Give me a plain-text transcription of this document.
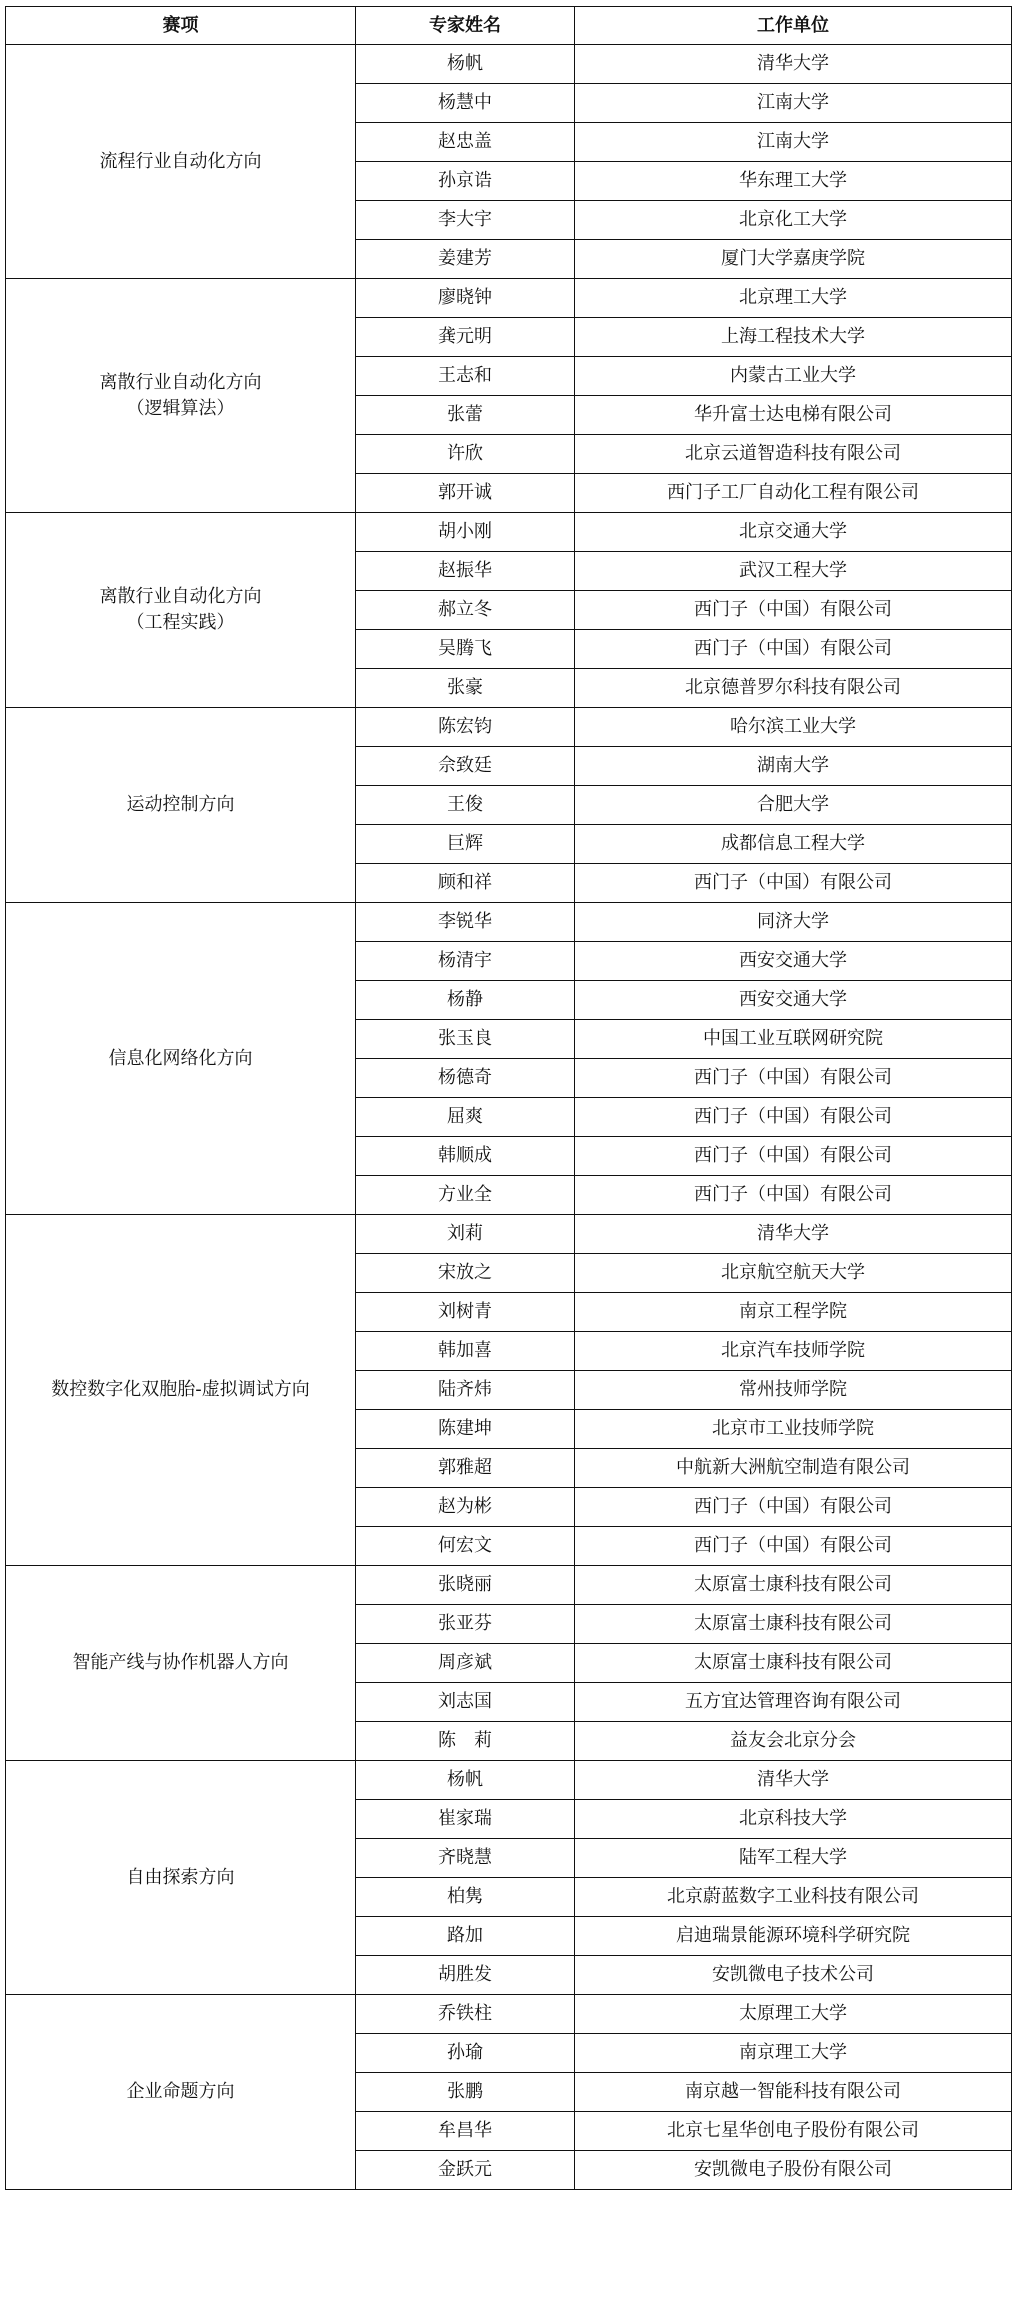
赛项	专家姓名	工作单位

流程行业自动化方向	杨帆	清华大学
	杨慧中	江南大学
	赵忠盖	江南大学
	孙京诰	华东理工大学
	李大宇	北京化工大学
	姜建芳	厦门大学嘉庚学院

离散行业自动化方向
（逻辑算法）	廖晓钟	北京理工大学
	龚元明	上海工程技术大学
	王志和	内蒙古工业大学
	张蕾	华升富士达电梯有限公司
	许欣	北京云道智造科技有限公司
	郭开诚	西门子工厂自动化工程有限公司

离散行业自动化方向
（工程实践）	胡小刚	北京交通大学
	赵振华	武汉工程大学
	郝立冬	西门子（中国）有限公司
	吴腾飞	西门子（中国）有限公司
	张豪	北京德普罗尔科技有限公司

运动控制方向	陈宏钧	哈尔滨工业大学
	佘致廷	湖南大学
	王俊	合肥大学
	巨辉	成都信息工程大学
	顾和祥	西门子（中国）有限公司

信息化网络化方向	李锐华	同济大学
	杨清宇	西安交通大学
	杨静	西安交通大学
	张玉良	中国工业互联网研究院
	杨德奇	西门子（中国）有限公司
	屈爽	西门子（中国）有限公司
	韩顺成	西门子（中国）有限公司
	方业全	西门子（中国）有限公司

数控数字化双胞胎-虚拟调试方向	刘莉	清华大学
	宋放之	北京航空航天大学
	刘树青	南京工程学院
	韩加喜	北京汽车技师学院
	陆齐炜	常州技师学院
	陈建坤	北京市工业技师学院
	郭雅超	中航新大洲航空制造有限公司
	赵为彬	西门子（中国）有限公司
	何宏文	西门子（中国）有限公司

智能产线与协作机器人方向	张晓丽	太原富士康科技有限公司
	张亚芬	太原富士康科技有限公司
	周彦斌	太原富士康科技有限公司
	刘志国	五方宜达管理咨询有限公司
	陈　莉	益友会北京分会

自由探索方向	杨帆	清华大学
	崔家瑞	北京科技大学
	齐晓慧	陆军工程大学
	柏隽	北京蔚蓝数字工业科技有限公司
	路加	启迪瑞景能源环境科学研究院
	胡胜发	安凯微电子技术公司

企业命题方向	乔铁柱	太原理工大学
	孙瑜	南京理工大学
	张鹏	南京越一智能科技有限公司
	牟昌华	北京七星华创电子股份有限公司
	金跃元	安凯微电子股份有限公司
